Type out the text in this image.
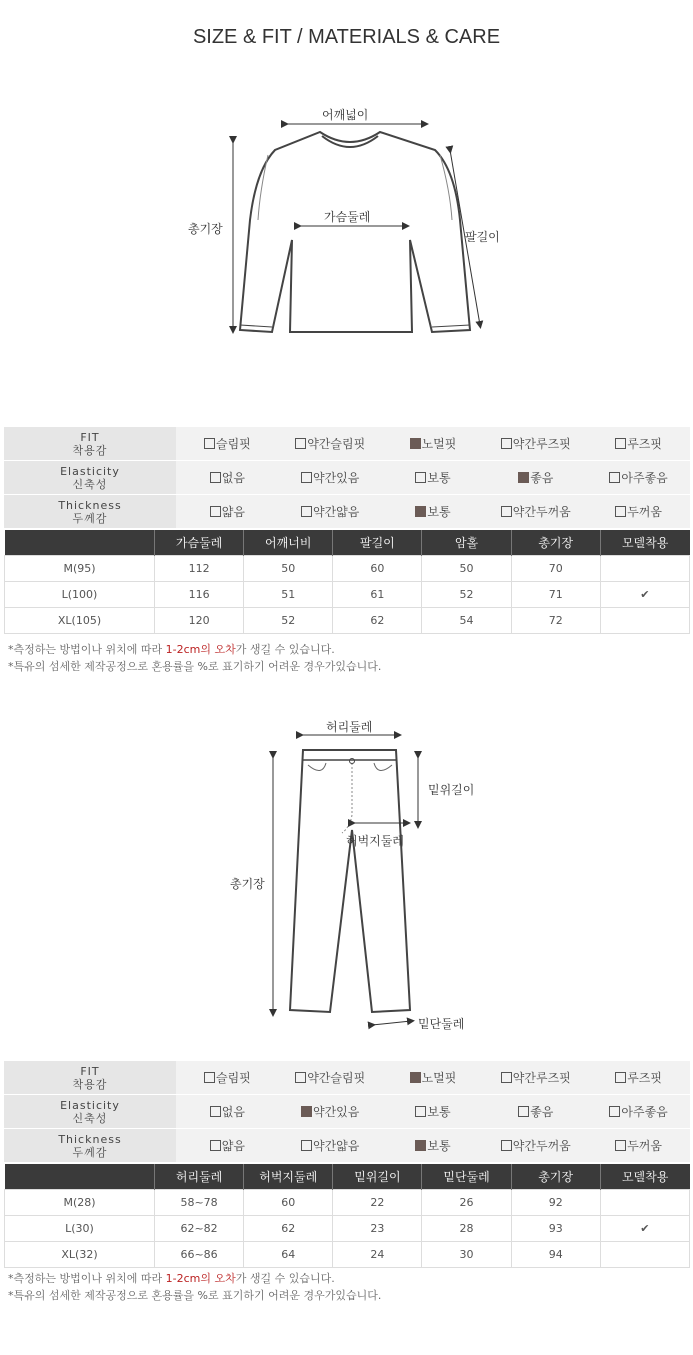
SIZE & FIT / MATERIALS & CARE
어깨넓이
가슴둘레
총기장
팔길이
FIT
착용감	슬림핏	약간슬림핏	노멀핏	약간루즈핏	루즈핏
Elasticity
신축성	없음	약간있음	보통	좋음	아주좋음
Thickness
두께감	얇음	약간얇음	보통	약간두꺼움	두꺼움
	가슴둘레	어깨너비	팔길이	암홀	총기장	모델착용
M(95)	112	50	60	50	70	
L(100)	116	51	61	52	71	✔
XL(105)	120	52	62	54	72	
*측정하는 방법이나 위치에 따라 1-2cm의 오차가 생길 수 있습니다.
*특유의 섬세한 제작공정으로 혼용률을 %로 표기하기 어려운 경우가있습니다.
허리둘레
밑위길이
허벅지둘레
총기장
밑단둘레
FIT
착용감	슬림핏	약간슬림핏	노멀핏	약간루즈핏	루즈핏
Elasticity
신축성	없음	약간있음	보통	좋음	아주좋음
Thickness
두께감	얇음	약간얇음	보통	약간두꺼움	두꺼움
	허리둘레	허벅지둘레	밑위길이	밑단둘레	총기장	모델착용
M(28)	58~78	60	22	26	92	
L(30)	62~82	62	23	28	93	✔
XL(32)	66~86	64	24	30	94	
*측정하는 방법이나 위치에 따라 1-2cm의 오차가 생길 수 있습니다.
*특유의 섬세한 제작공정으로 혼용률을 %로 표기하기 어려운 경우가있습니다.
